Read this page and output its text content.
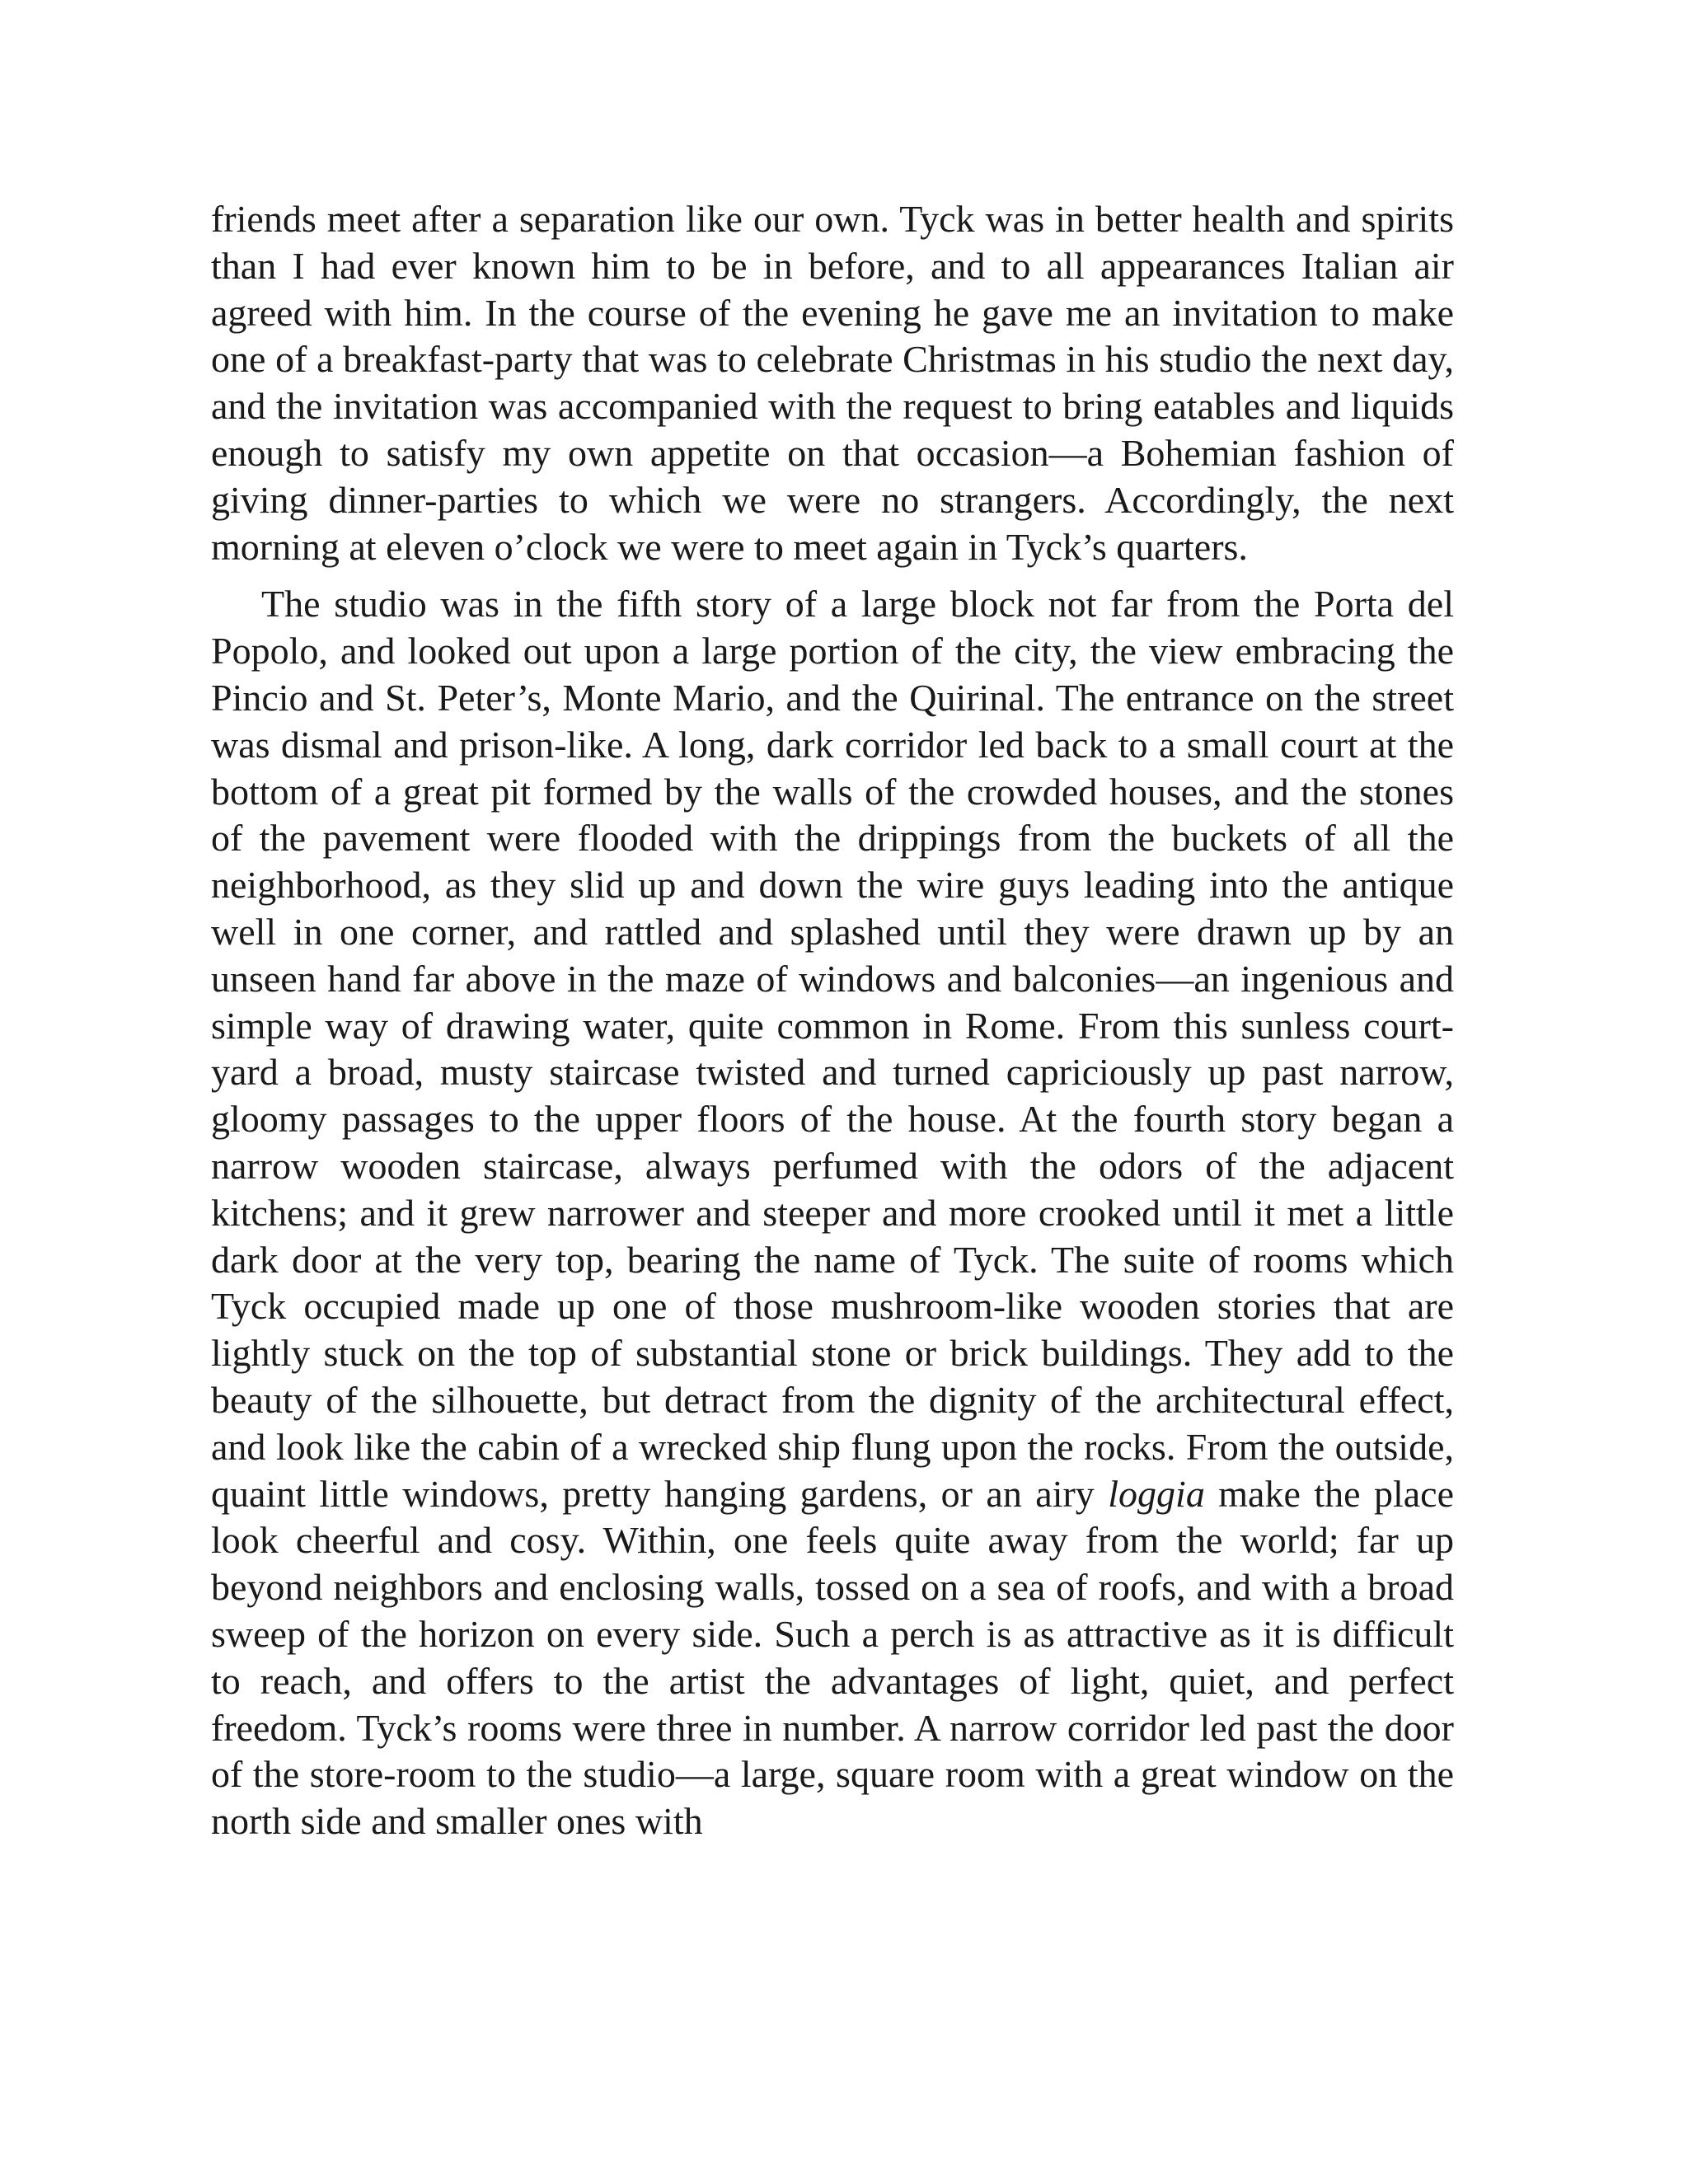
friends meet after a separation like our own. Tyck was in better health and spirits than I had ever known him to be in before, and to all appearances Italian air agreed with him. In the course of the evening he gave me an invitation to make one of a breakfast-party that was to celebrate Christmas in his studio the next day, and the invitation was accompanied with the request to bring eatables and liquids enough to satisfy my own appetite on that occasion—a Bohemian fashion of giving dinner-parties to which we were no strangers. Accordingly, the next morning at eleven o’clock we were to meet again in Tyck’s quarters.

The studio was in the fifth story of a large block not far from the Porta del Popolo, and looked out upon a large portion of the city, the view embracing the Pincio and St. Peter’s, Monte Mario, and the Quirinal. The entrance on the street was dismal and prison-like. A long, dark corridor led back to a small court at the bottom of a great pit formed by the walls of the crowded houses, and the stones of the pavement were flooded with the drippings from the buckets of all the neighborhood, as they slid up and down the wire guys leading into the antique well in one corner, and rattled and splashed until they were drawn up by an unseen hand far above in the maze of windows and balconies—an ingenious and simple way of drawing water, quite common in Rome. From this sunless court-yard a broad, musty staircase twisted and turned capriciously up past narrow, gloomy passages to the upper floors of the house. At the fourth story began a narrow wooden staircase, always perfumed with the odors of the adjacent kitchens; and it grew narrower and steeper and more crooked until it met a little dark door at the very top, bearing the name of Tyck. The suite of rooms which Tyck occupied made up one of those mushroom-like wooden stories that are lightly stuck on the top of substantial stone or brick buildings. They add to the beauty of the silhouette, but detract from the dignity of the architectural effect, and look like the cabin of a wrecked ship flung upon the rocks. From the outside, quaint little windows, pretty hanging gardens, or an airy loggia make the place look cheerful and cosy. Within, one feels quite away from the world; far up beyond neighbors and enclosing walls, tossed on a sea of roofs, and with a broad sweep of the horizon on every side. Such a perch is as attractive as it is difficult to reach, and offers to the artist the advantages of light, quiet, and perfect freedom. Tyck’s rooms were three in number. A narrow corridor led past the door of the store-room to the studio—a large, square room with a great window on the north side and smaller ones with
